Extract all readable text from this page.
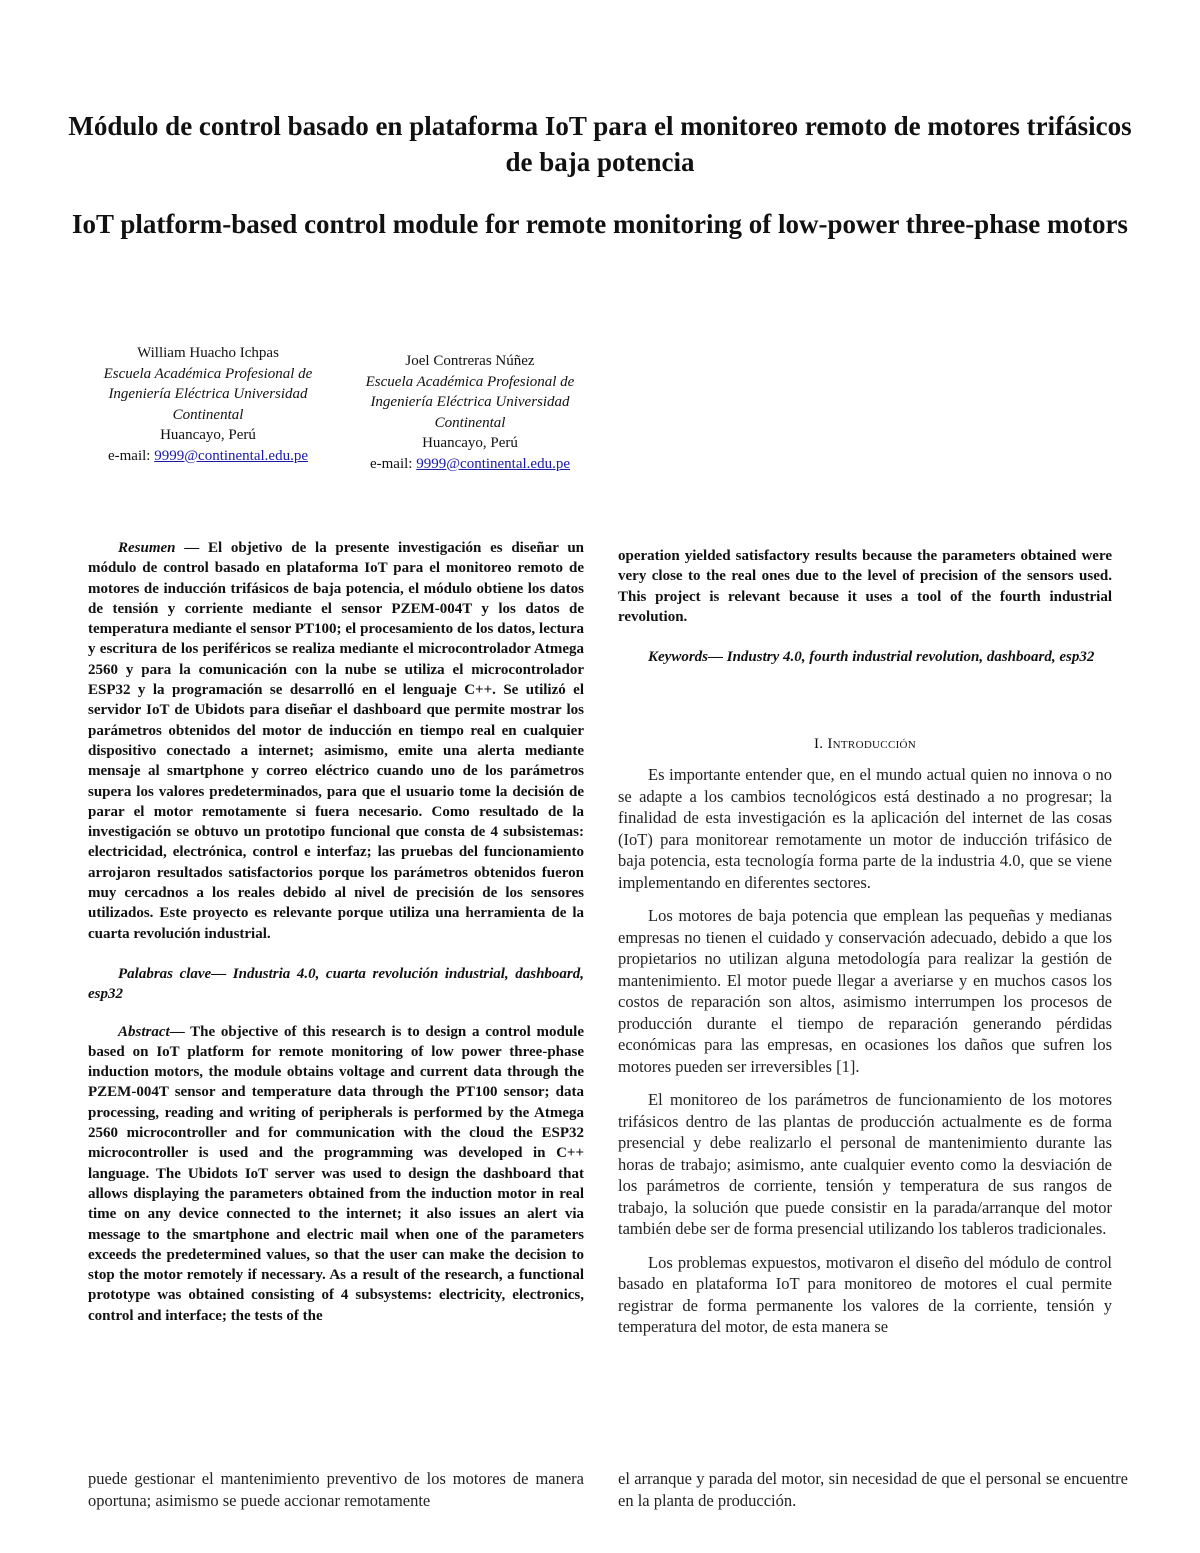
Módulo de control basado en plataforma IoT para el monitoreo remoto de motores trifásicos de baja potencia
IoT platform-based control module for remote monitoring of low-power three-phase motors
William Huacho Ichpas
Escuela Académica Profesional de Ingeniería Eléctrica Universidad Continental
Huancayo, Perú
e-mail: 9999@continental.edu.pe
Joel Contreras Núñez
Escuela Académica Profesional de Ingeniería Eléctrica Universidad Continental
Huancayo, Perú
e-mail: 9999@continental.edu.pe

Resumen — El objetivo de la presente investigación es diseñar un módulo de control basado en plataforma IoT para el monitoreo remoto de motores de inducción trifásicos de baja potencia, el módulo obtiene los datos de tensión y corriente mediante el sensor PZEM-004T y los datos de temperatura mediante el sensor PT100; el procesamiento de los datos, lectura y escritura de los periféricos se realiza mediante el microcontrolador Atmega 2560 y para la comunicación con la nube se utiliza el microcontrolador ESP32 y la programación se desarrolló en el lenguaje C++. Se utilizó el servidor IoT de Ubidots para diseñar el dashboard que permite mostrar los parámetros obtenidos del motor de inducción en tiempo real en cualquier dispositivo conectado a internet; asimismo, emite una alerta mediante mensaje al smartphone y correo eléctrico cuando uno de los parámetros supera los valores predeterminados, para que el usuario tome la decisión de parar el motor remotamente si fuera necesario. Como resultado de la investigación se obtuvo un prototipo funcional que consta de 4 subsistemas: electricidad, electrónica, control e interfaz; las pruebas del funcionamiento arrojaron resultados satisfactorios porque los parámetros obtenidos fueron muy cercadnos a los reales debido al nivel de precisión de los sensores utilizados. Este proyecto es relevante porque utiliza una herramienta de la cuarta revolución industrial.

Palabras clave— Industria 4.0, cuarta revolución industrial, dashboard, esp32

Abstract— The objective of this research is to design a control module based on IoT platform for remote monitoring of low power three-phase induction motors, the module obtains voltage and current data through the PZEM-004T sensor and temperature data through the PT100 sensor; data processing, reading and writing of peripherals is performed by the Atmega 2560 microcontroller and for communication with the cloud the ESP32 microcontroller is used and the programming was developed in C++ language. The Ubidots IoT server was used to design the dashboard that allows displaying the parameters obtained from the induction motor in real time on any device connected to the internet; it also issues an alert via message to the smartphone and electric mail when one of the parameters exceeds the predetermined values, so that the user can make the decision to stop the motor remotely if necessary. As a result of the research, a functional prototype was obtained consisting of 4 subsystems: electricity, electronics, control and interface; the tests of the

operation yielded satisfactory results because the parameters obtained were very close to the real ones due to the level of precision of the sensors used. This project is relevant because it uses a tool of the fourth industrial revolution.

Keywords— Industry 4.0, fourth industrial revolution, dashboard, esp32

I. Introducción

Es importante entender que, en el mundo actual quien no innova o no se adapte a los cambios tecnológicos está destinado a no progresar; la finalidad de esta investigación es la aplicación del internet de las cosas (IoT) para monitorear remotamente un motor de inducción trifásico de baja potencia, esta tecnología forma parte de la industria 4.0, que se viene implementando en diferentes sectores.

Los motores de baja potencia que emplean las pequeñas y medianas empresas no tienen el cuidado y conservación adecuado, debido a que los propietarios no utilizan alguna metodología para realizar la gestión de mantenimiento. El motor puede llegar a averiarse y en muchos casos los costos de reparación son altos, asimismo interrumpen los procesos de producción durante el tiempo de reparación generando pérdidas económicas para las empresas, en ocasiones los daños que sufren los motores pueden ser irreversibles [1].

El monitoreo de los parámetros de funcionamiento de los motores trifásicos dentro de las plantas de producción actualmente es de forma presencial y debe realizarlo el personal de mantenimiento durante las horas de trabajo; asimismo, ante cualquier evento como la desviación de los parámetros de corriente, tensión y temperatura de sus rangos de trabajo, la solución que puede consistir en la parada/arranque del motor también debe ser de forma presencial utilizando los tableros tradicionales.

Los problemas expuestos, motivaron el diseño del módulo de control basado en plataforma IoT para monitoreo de motores el cual permite registrar de forma permanente los valores de la corriente, tensión y temperatura del motor, de esta manera se

puede gestionar el mantenimiento preventivo de los motores de manera oportuna; asimismo se puede accionar remotamente
el arranque y parada del motor, sin necesidad de que el personal se encuentre en la planta de producción.
